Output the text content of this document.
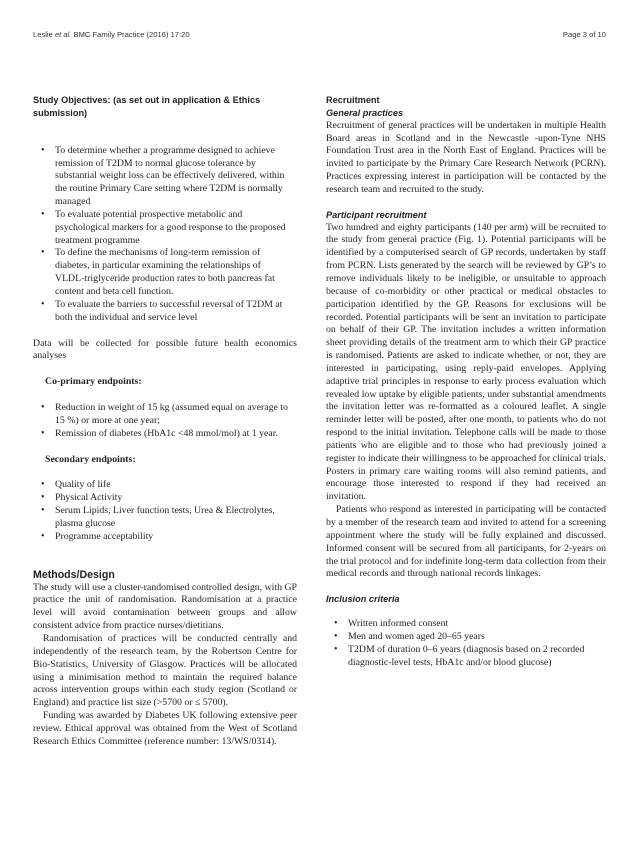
Leslie et al. BMC Family Practice (2016) 17:20	Page 3 of 10

Study Objectives: (as set out in application & Ethics submission)

• To determine whether a programme designed to achieve remission of T2DM to normal glucose tolerance by substantial weight loss can be effectively delivered, within the routine Primary Care setting where T2DM is normally managed
• To evaluate potential prospective metabolic and psychological markers for a good response to the proposed treatment programme
• To define the mechanisms of long-term remission of diabetes, in particular examining the relationships of VLDL-triglyceride production rates to both pancreas fat content and beta cell function.
• To evaluate the barriers to successful reversal of T2DM at both the individual and service level

Data will be collected for possible future health economics analyses

Co-primary endpoints:

• Reduction in weight of 15 kg (assumed equal on average to 15 %) or more at one year;
• Remission of diabetes (HbA1c <48 mmol/mol) at 1 year.

Secondary endpoints:

• Quality of life
• Physical Activity
• Serum Lipids, Liver function tests, Urea & Electrolytes, plasma glucose
• Programme acceptability

Methods/Design

The study will use a cluster-randomised controlled design, with GP practice the unit of randomisation. Randomisation at a practice level will avoid contamination between groups and allow consistent advice from practice nurses/dietitians.

Randomisation of practices will be conducted centrally and independently of the research team, by the Robertson Centre for Bio-Statistics, University of Glasgow. Practices will be allocated using a minimisation method to maintain the required balance across intervention groups within each study region (Scotland or England) and practice list size (>5700 or ≤ 5700).

Funding was awarded by Diabetes UK following extensive peer review. Ethical approval was obtained from the West of Scotland Research Ethics Committee (reference number: 13/WS/0314).

Recruitment

General practices

Recruitment of general practices will be undertaken in multiple Health Board areas in Scotland and in the Newcastle -upon-Tyne NHS Foundation Trust area in the North East of England. Practices will be invited to participate by the Primary Care Research Network (PCRN). Practices expressing interest in participation will be contacted by the research team and recruited to the study.

Participant recruitment

Two hundred and eighty participants (140 per arm) will be recruited to the study from general practice (Fig. 1). Potential participants will be identified by a computerised search of GP records, undertaken by staff from PCRN. Lists generated by the search will be reviewed by GP’s to remove individuals likely to be ineligible, or unsuitable to approach because of co-morbidity or other practical or medical obstacles to participation identified by the GP. Reasons for exclusions will be recorded. Potential participants will be sent an invitation to participate on behalf of their GP. The invitation includes a written information sheet providing details of the treatment arm to which their GP practice is randomised. Patients are asked to indicate whether, or not, they are interested in participating, using reply-paid envelopes. Applying adaptive trial principles in response to early process evaluation which revealed low uptake by eligible patients, under substantial amendments the invitation letter was re-formatted as a coloured leaflet. A single reminder letter will be posted, after one month, to patients who do not respond to the initial invitation. Telephone calls will be made to those patients who are eligible and to those who had previously joined a register to indicate their willingness to be approached for clinical trials. Posters in primary care waiting rooms will also remind patients, and encourage those interested to respond if they had received an invitation.

Patients who respond as interested in participating will be contacted by a member of the research team and invited to attend for a screening appointment where the study will be fully explained and discussed. Informed consent will be secured from all participants, for 2-years on the trial protocol and for indefinite long-term data collection from their medical records and through national records linkages.

Inclusion criteria

• Written informed consent
• Men and women aged 20–65 years
• T2DM of duration 0–6 years (diagnosis based on 2 recorded diagnostic-level tests, HbA1c and/or blood glucose)
